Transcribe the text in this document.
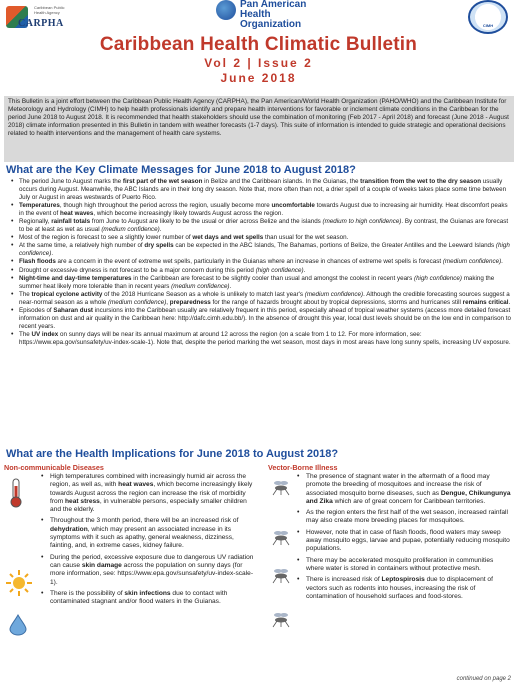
Caribbean Public Health Agency
CARPHA
Pan American
Health
Organization	CIMH
Caribbean Health Climatic Bulletin
Vol 2 | Issue 2
June 2018
This Bulletin is a joint effort between the Caribbean Public Health Agency (CARPHA), the Pan American/World Health Organization (PAHO/WHO) and the Caribbean Institute for Meteorology and Hydrology (CIMH) to help health professionals identify and prepare health interventions for favorable or inclement climate conditions in the Caribbean for the period June 2018 to August 2018. It is recommended that health stakeholders should use the combination of monitoring (Feb 2017 - April 2018) and forecast (June 2018 - August 2018) climate information presented in this Bulletin in tandem with weather forecasts (1-7 days). This suite of information is intended to guide strategic and operational decisions related to health interventions and the management of health care systems.
What are the Key Climate Messages for June 2018 to August 2018?
• The period June to August marks the first part of the wet season in Belize and the Caribbean islands. In the Guianas, the transition from the wet to the dry season usually occurs during August. Meanwhile, the ABC Islands are in their long dry season. Note that, more often than not, a drier spell of a couple of weeks takes place some time between July or August in areas westwards of Puerto Rico.
• Temperatures, though high throughout the period across the region, usually become more uncomfortable towards August due to increasing air humidity. Heat discomfort peaks in the event of heat waves, which become increasingly likely towards August across the region.
• Regionally, rainfall totals from June to August are likely to be the usual or drier across Belize and the islands (medium to high confidence). By contrast, the Guianas are forecast to be at least as wet as usual (medium confidence).
• Most of the region is forecast to see a slightly lower number of wet days and wet spells than usual for the wet season.
• At the same time, a relatively high number of dry spells can be expected in the ABC Islands, The Bahamas, portions of Belize, the Greater Antilles and the Leeward Islands (high confidence).
• Flash floods are a concern in the event of extreme wet spells, particularly in the Guianas where an increase in chances of extreme wet spells is forecast (medium confidence).
• Drought or excessive dryness is not forecast to be a major concern during this period (high confidence).
• Night-time and day-time temperatures in the Caribbean are forecast to be slightly cooler than usual and amongst the coolest in recent years (high confidence) making the summer heat likely more tolerable than in recent years (medium confidence).
• The tropical cyclone activity of the 2018 Hurricane Season as a whole is unlikely to match last year's (medium confidence). Although the credible forecasting sources suggest a near-normal season as a whole (medium confidence), preparedness for the range of hazards brought about by tropical depressions, storms and hurricanes still remains critical.
• Episodes of Saharan dust incursions into the Caribbean usually are relatively frequent in this period, especially ahead of tropical weather systems (access more detailed forecast information on dust and air quality in the Caribbean here: http://dafc.cimh.edu.bb/). In the absence of drought this year, local dust levels should be on the low end in comparison to recent years.
• The UV index on sunny days will be near its annual maximum at around 12 across the region (on a scale from 1 to 12. For more information, see: https://www.epa.gov/sunsafety/uv-index-scale-1). Note that, despite the period marking the wet season, most days in most areas have long sunny spells, increasing UV exposure.
What are the Health Implications for June 2018 to August 2018?
Non-communicable Diseases	Vector-Borne Illness
• High temperatures combined with increasingly humid air across the region, as well as, with heat waves, which become increasingly likely towards August across the region can increase the risk of morbidity from heat stress, in vulnerable persons, especially smaller children and the elderly.
• Throughout the 3 month period, there will be an increased risk of dehydration, which may present an associated increase in its symptoms with it such as apathy, general weakness, dizziness, fainting, and, in extreme cases, kidney failure.
• During the period, excessive exposure due to dangerous UV radiation can cause skin damage across the population on sunny days (for more information, see: https://www.epa.gov/sunsafety/uv-index-scale-1).
• There is the possibility of skin infections due to contact with contaminated stagnant and/or flood waters in the Guianas.
• The presence of stagnant water in the aftermath of a flood may promote the breeding of mosquitoes and increase the risk of associated mosquito borne diseases, such as Dengue, Chikungunya and Zika which are of great concern for Caribbean territories.
• As the region enters the first half of the wet season, increased rainfall may also create more breeding places for mosquitoes.
• However, note that in case of flash floods, flood waters may sweep away mosquito eggs, larvae and pupae, potentially reducing mosquito populations.
• There may be accelerated mosquito proliferation in communities where water is stored in containers without protective mesh.
• There is increased risk of Leptospirosis due to displacement of vectors such as rodents into houses, increasing the risk of contamination of household surfaces and food-stores.
continued on page 2
